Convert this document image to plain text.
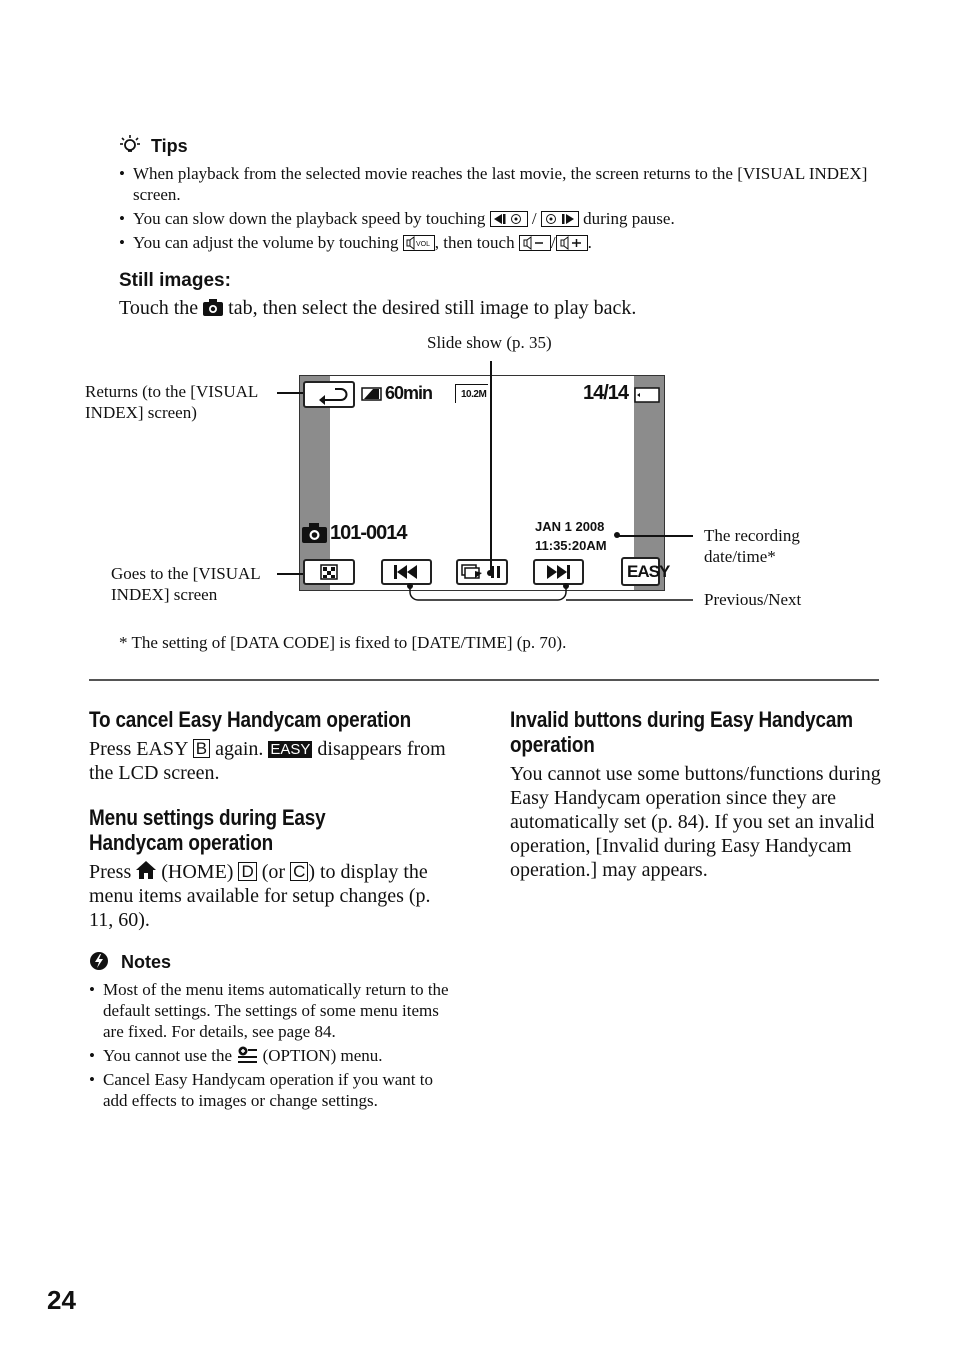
Tips
• When playback from the selected movie reaches the last movie, the screen returns to the [VISUAL INDEX] screen.
• You can slow down the playback speed by touching  /  during pause.
• You can adjust the volume by touching VOL , then touch / .
Still images:
Touch the  tab, then select the desired still image to play back.
Slide show (p. 35)
Returns (to the [VISUAL INDEX] screen)
Goes to the [VISUAL INDEX] screen
The recording date/time*
Previous/Next
60min	10.2M	14/14
101-0014	JAN 1 2008
11:35:20AM
EASY
* The setting of [DATA CODE] is fixed to [DATE/TIME] (p. 70).
To cancel Easy Handycam operation
Press EASY B again. EASY disappears from the LCD screen.
Menu settings during Easy Handycam operation
Press  (HOME) D (or C ) to display the menu items available for setup changes (p. 11, 60).
Notes
• Most of the menu items automatically return to the default settings. The settings of some menu items are fixed. For details, see page 84.
• You cannot use the  (OPTION) menu.
• Cancel Easy Handycam operation if you want to add effects to images or change settings.
Invalid buttons during Easy Handycam operation
You cannot use some buttons/functions during Easy Handycam operation since they are automatically set (p. 84). If you set an invalid operation, [Invalid during Easy Handycam operation.] may appears.
24
